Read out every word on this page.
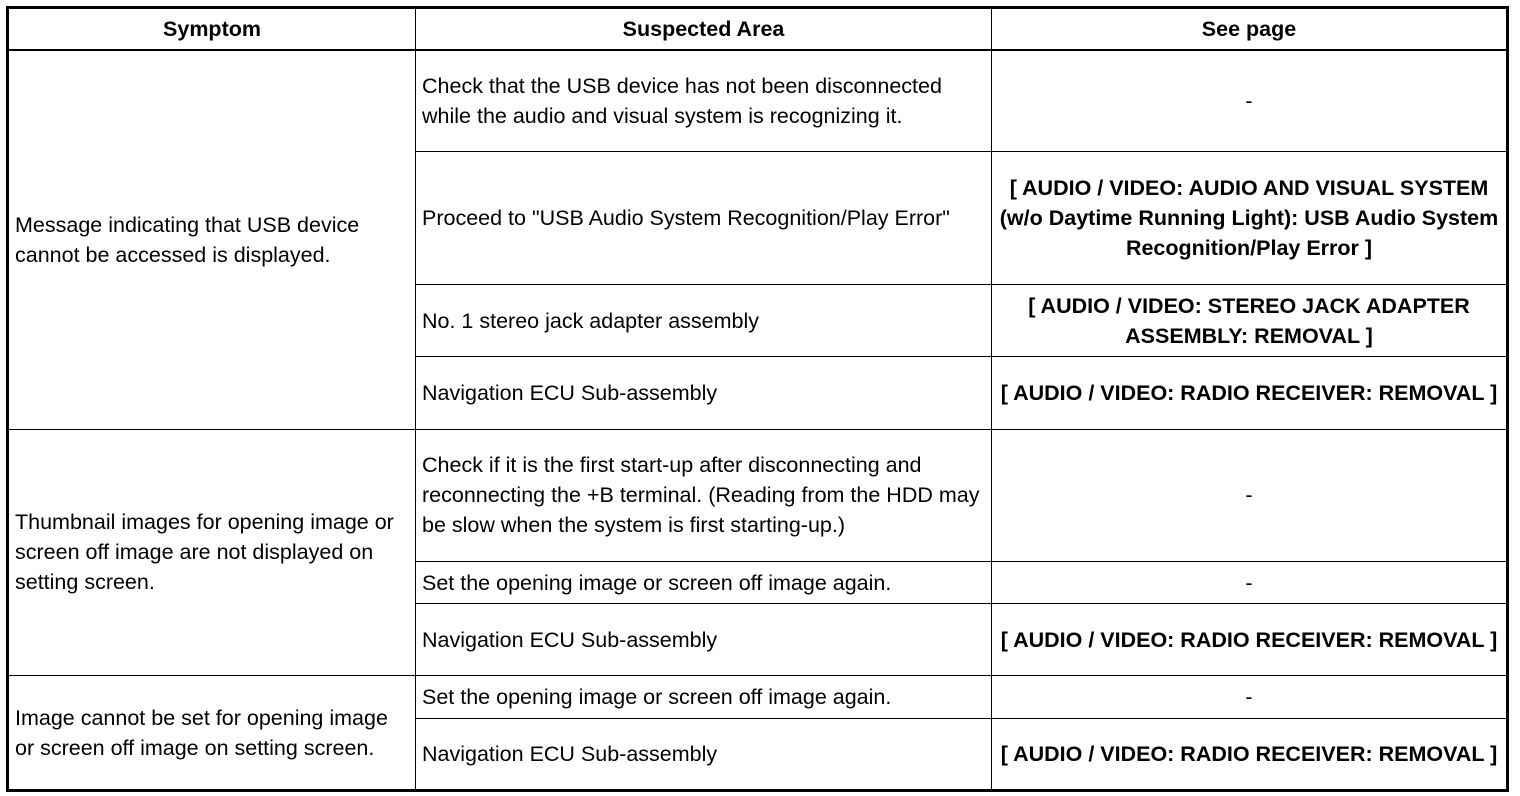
Symptom	Suspected Area	See page
Message indicating that USB device cannot be accessed is displayed.	Check that the USB device has not been disconnected while the audio and visual system is recognizing it.	-
	Proceed to "USB Audio System Recognition/Play Error"	[ AUDIO / VIDEO: AUDIO AND VISUAL SYSTEM (w/o Daytime Running Light): USB Audio System Recognition/Play Error ]
	No. 1 stereo jack adapter assembly	[ AUDIO / VIDEO: STEREO JACK ADAPTER ASSEMBLY: REMOVAL ]
	Navigation ECU Sub-assembly	[ AUDIO / VIDEO: RADIO RECEIVER: REMOVAL ]
Thumbnail images for opening image or screen off image are not displayed on setting screen.	Check if it is the first start-up after disconnecting and reconnecting the +B terminal. (Reading from the HDD may be slow when the system is first starting-up.)	-
	Set the opening image or screen off image again.	-
	Navigation ECU Sub-assembly	[ AUDIO / VIDEO: RADIO RECEIVER: REMOVAL ]
Image cannot be set for opening image or screen off image on setting screen.	Set the opening image or screen off image again.	-
	Navigation ECU Sub-assembly	[ AUDIO / VIDEO: RADIO RECEIVER: REMOVAL ]
